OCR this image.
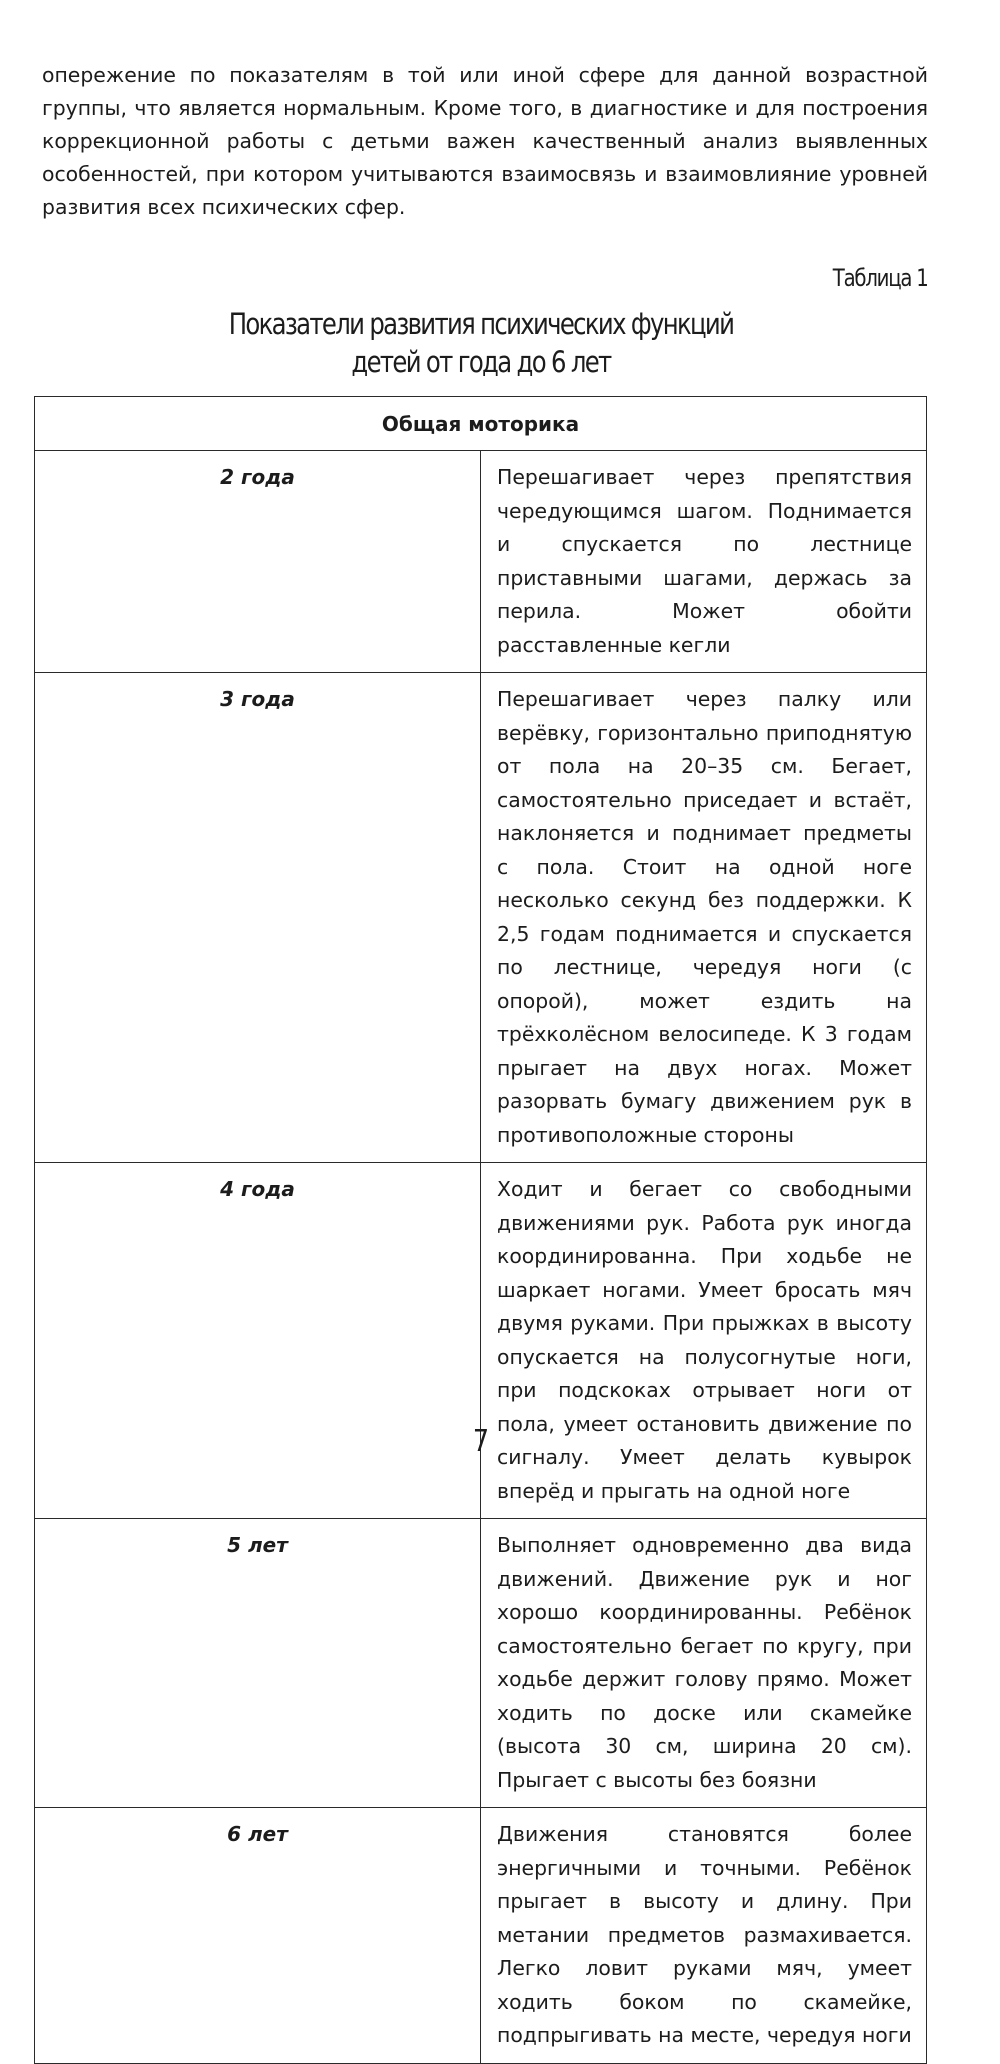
опережение по показателям в той или иной сфере для данной возрастной группы, что является нормальным. Кроме того, в диагностике и для построения коррекционной работы с детьми важен качественный анализ выявленных особенностей, при котором учитываются взаимосвязь и взаимовлияние уровней развития всех психических сфер.

Таблица 1

Показатели развития психических функций
детей от года до 6 лет
Общая моторика	
2 года	Перешагивает через препятствия чередующимся шагом. Поднимается и спускается по лестнице приставными шагами, держась за перила. Может обойти расставленные кегли
3 года	Перешагивает через палку или верёвку, горизонтально приподнятую от пола на 20–35 см. Бегает, самостоятельно приседает и встаёт, наклоняется и поднимает предметы с пола. Стоит на одной ноге несколько секунд без поддержки. К 2,5 годам поднимается и спускается по лестнице, чередуя ноги (с опорой), может ездить на трёхколёсном велосипеде. К 3 годам прыгает на двух ногах. Может разорвать бумагу движением рук в противоположные стороны
4 года	Ходит и бегает со свободными движениями рук. Работа рук иногда координированна. При ходьбе не шаркает ногами. Умеет бросать мяч двумя руками. При прыжках в высоту опускается на полусогнутые ноги, при подскоках отрывает ноги от пола, умеет остановить движение по сигналу. Умеет делать кувырок вперёд и прыгать на одной ноге
5 лет	Выполняет одновременно два вида движений. Движение рук и ног хорошо координированны. Ребёнок самостоятельно бегает по кругу, при ходьбе держит голову прямо. Может ходить по доске или скамейке (высота 30 см, ширина 20 см). Прыгает с высоты без боязни
6 лет	Движения становятся более энергичными и точными. Ребёнок прыгает в высоту и длину. При метании предметов размахивается. Легко ловит руками мяч, умеет ходить боком по скамейке, подпрыгивать на месте, чередуя ноги

7
